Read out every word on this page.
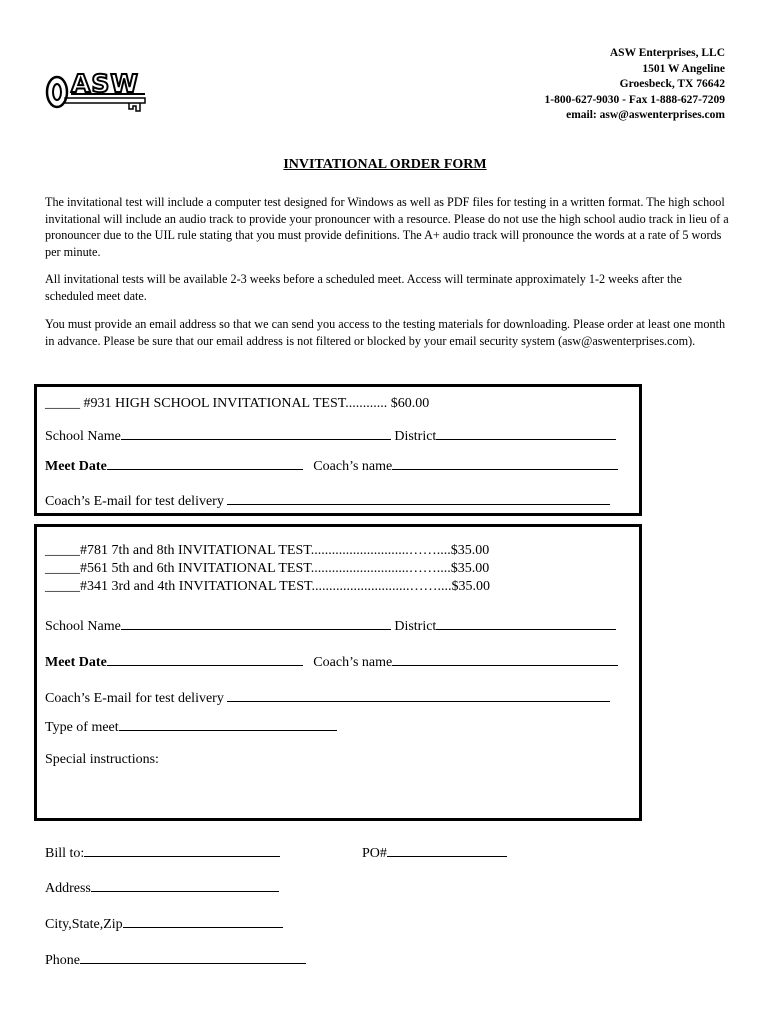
ASW
ASW Enterprises, LLC
1501 W Angeline
Groesbeck, TX 76642
1-800-627-9030 - Fax 1-888-627-7209
email: asw@aswenterprises.com
INVITATIONAL ORDER FORM
The invitational test will include a computer test designed for Windows as well as PDF files for testing in a written format. The high school invitational will include an audio track to provide your pronouncer with a resource. Please do not use the high school audio track in lieu of a pronouncer due to the UIL rule stating that you must provide definitions. The A+ audio track will pronounce the words at a rate of 5 words per minute.
All invitational tests will be available 2-3 weeks before a scheduled meet. Access will terminate approximately 1-2 weeks after the scheduled meet date.
You must provide an email address so that we can send you access to the testing materials for downloading. Please order at least one month in advance. Please be sure that our email address is not filtered or blocked by your email security system (asw@aswenterprises.com).
_____ #931 HIGH SCHOOL INVITATIONAL TEST............ $60.00
School Name	District
Meet Date	Coach’s name
Coach’s E-mail for test delivery
_____#781 7th and 8th INVITATIONAL TEST............................……....$35.00
_____#561 5th and 6th INVITATIONAL TEST............................……....$35.00
_____#341 3rd and 4th INVITATIONAL TEST............................……....$35.00
School Name	District
Meet Date	Coach’s name
Coach’s E-mail for test delivery
Type of meet
Special instructions:
Bill to:	PO#
Address
City,State,Zip
Phone
